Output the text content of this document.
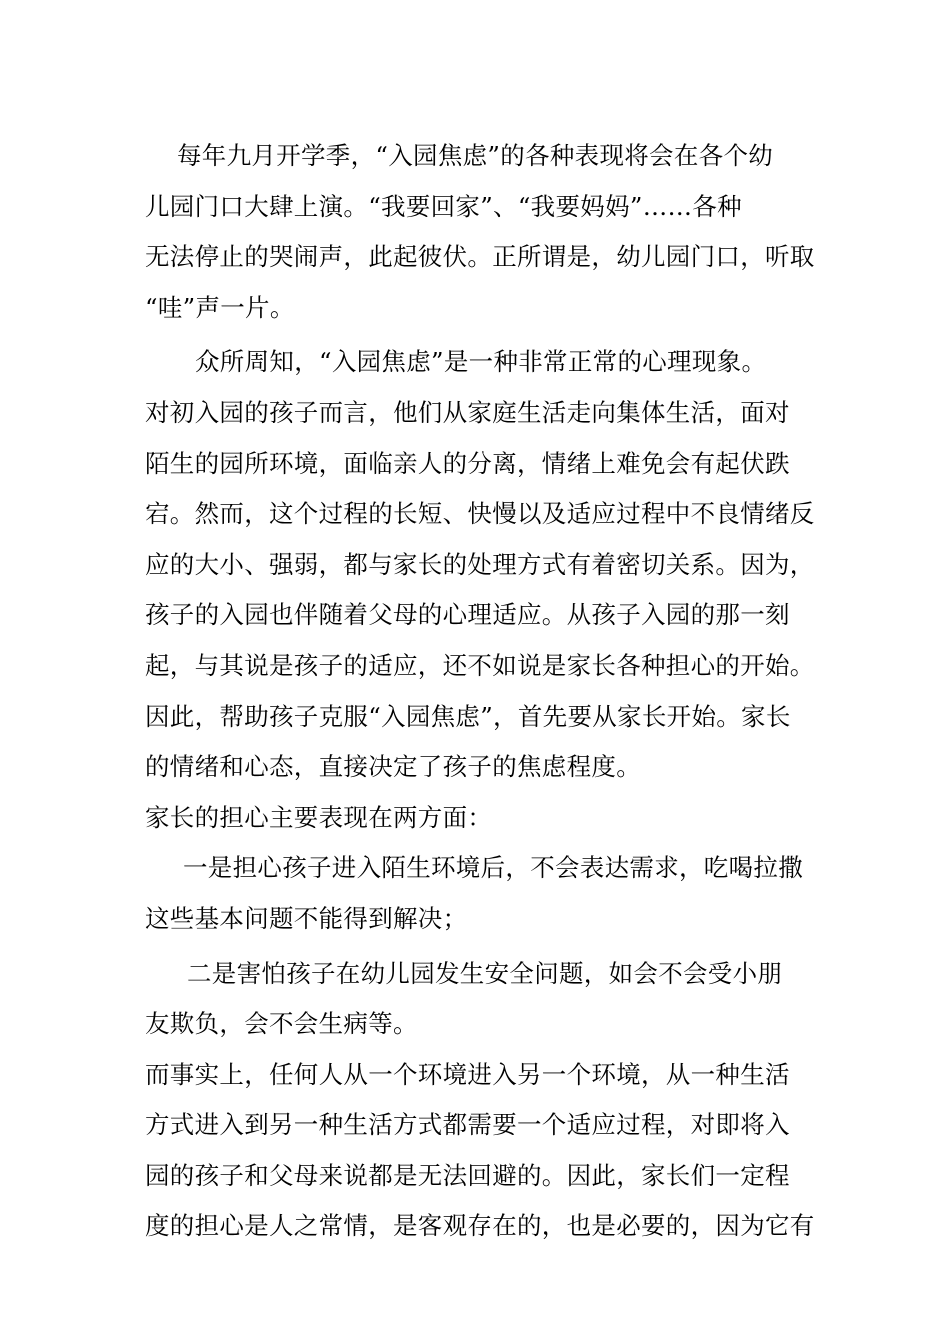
每年九月开学季，“入园焦虑”的各种表现将会在各个幼
儿园门口大肆上演。“我要回家”、“我要妈妈”……各种
无法停止的哭闹声，此起彼伏。正所谓是，幼儿园门口，听取
“哇”声一片。
众所周知，“入园焦虑”是一种非常正常的心理现象。
对初入园的孩子而言，他们从家庭生活走向集体生活，面对
陌生的园所环境，面临亲人的分离，情绪上难免会有起伏跌
宕。然而，这个过程的长短、快慢以及适应过程中不良情绪反
应的大小、强弱，都与家长的处理方式有着密切关系。因为，
孩子的入园也伴随着父母的心理适应。从孩子入园的那一刻
起，与其说是孩子的适应，还不如说是家长各种担心的开始。
因此，帮助孩子克服“入园焦虑”，首先要从家长开始。家长
的情绪和心态，直接决定了孩子的焦虑程度。
家长的担心主要表现在两方面：
一是担心孩子进入陌生环境后，不会表达需求，吃喝拉撒
这些基本问题不能得到解决；
二是害怕孩子在幼儿园发生安全问题，如会不会受小朋
友欺负，会不会生病等。
而事实上，任何人从一个环境进入另一个环境，从一种生活
方式进入到另一种生活方式都需要一个适应过程，对即将入
园的孩子和父母来说都是无法回避的。因此，家长们一定程
度的担心是人之常情，是客观存在的，也是必要的，因为它有
